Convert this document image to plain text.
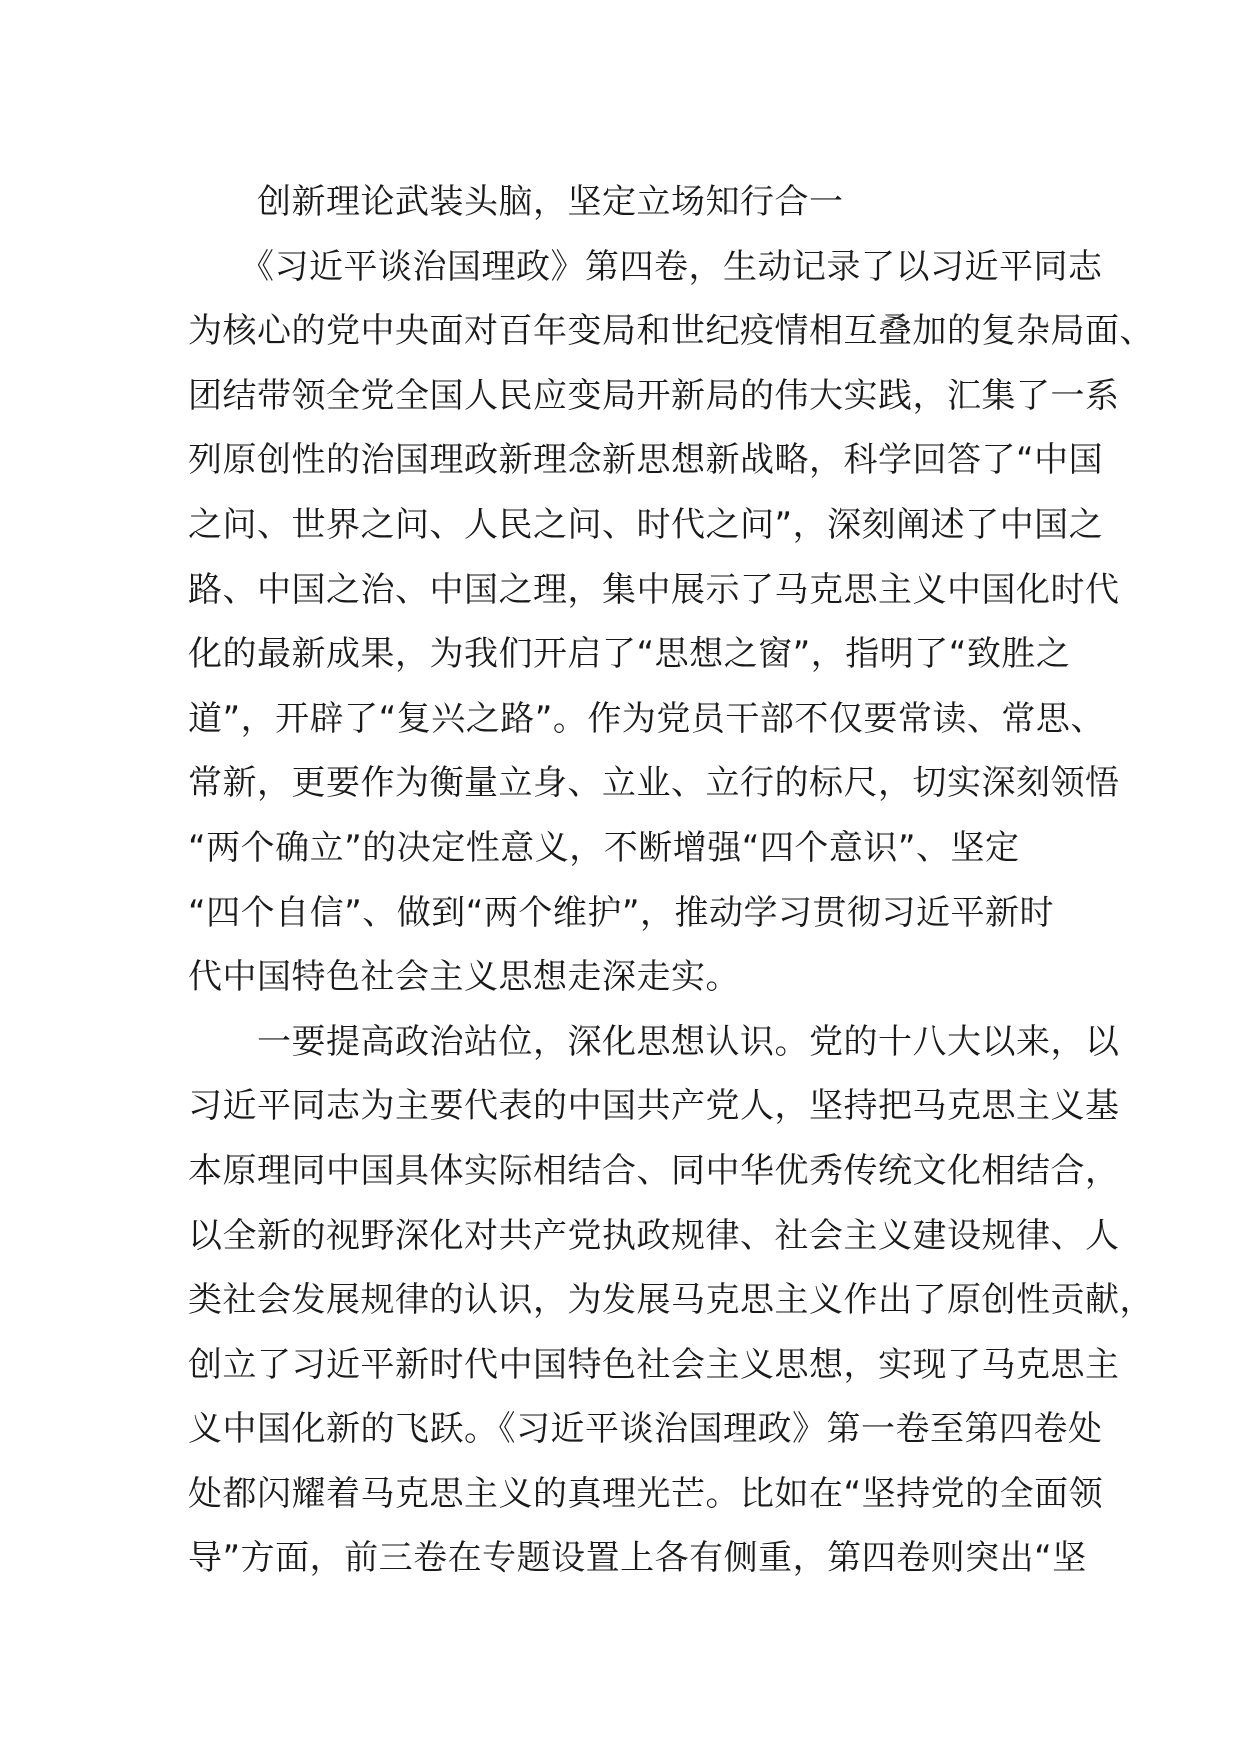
　　创新理论武装头脑，坚定立场知行合一
　　《习近平谈治国理政》第四卷，生动记录了以习近平同志
为核心的党中央面对百年变局和世纪疫情相互叠加的复杂局面、
团结带领全党全国人民应变局开新局的伟大实践，汇集了一系
列原创性的治国理政新理念新思想新战略，科学回答了“中国
之问、世界之问、人民之问、时代之问”，深刻阐述了中国之
路、中国之治、中国之理，集中展示了马克思主义中国化时代
化的最新成果，为我们开启了“思想之窗”，指明了“致胜之
道”，开辟了“复兴之路”。作为党员干部不仅要常读、常思、
常新，更要作为衡量立身、立业、立行的标尺，切实深刻领悟
“两个确立”的决定性意义，不断增强“四个意识”、坚定
“四个自信”、做到“两个维护”，推动学习贯彻习近平新时
代中国特色社会主义思想走深走实。
　　一要提高政治站位，深化思想认识。党的十八大以来，以
习近平同志为主要代表的中国共产党人，坚持把马克思主义基
本原理同中国具体实际相结合、同中华优秀传统文化相结合，
以全新的视野深化对共产党执政规律、社会主义建设规律、人
类社会发展规律的认识，为发展马克思主义作出了原创性贡献，
创立了习近平新时代中国特色社会主义思想，实现了马克思主
义中国化新的飞跃。《习近平谈治国理政》第一卷至第四卷处
处都闪耀着马克思主义的真理光芒。比如在“坚持党的全面领
导”方面，前三卷在专题设置上各有侧重，第四卷则突出“坚
